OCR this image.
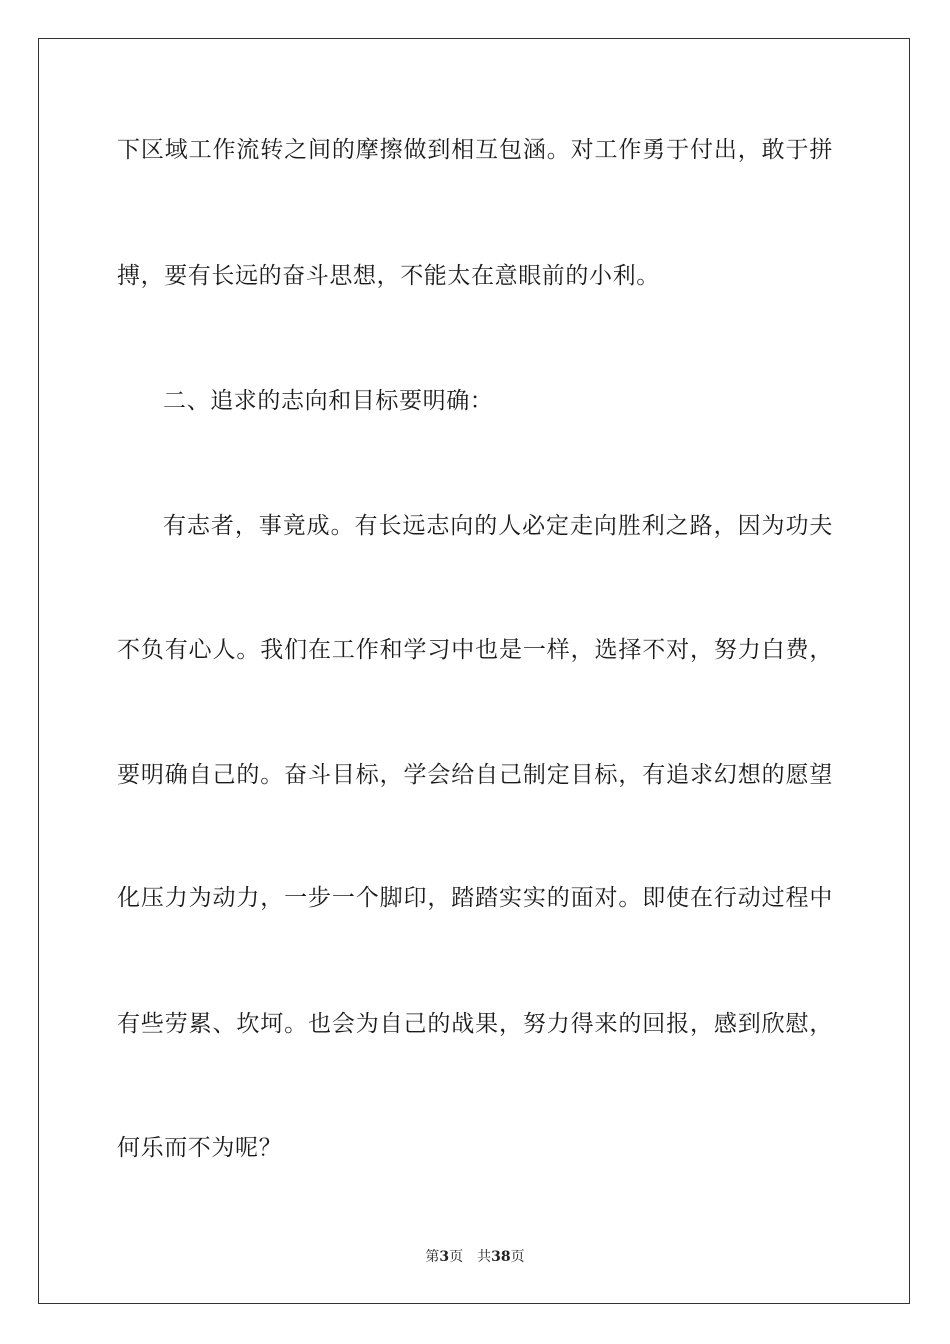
下区域工作流转之间的摩擦做到相互包涵。对工作勇于付出，敢于拼
搏，要有长远的奋斗思想，不能太在意眼前的小利。
二、追求的志向和目标要明确：
有志者，事竟成。有长远志向的人必定走向胜利之路，因为功夫
不负有心人。我们在工作和学习中也是一样，选择不对，努力白费，
要明确自己的。奋斗目标，学会给自己制定目标，有追求幻想的愿望
化压力为动力，一步一个脚印，踏踏实实的面对。即使在行动过程中
有些劳累、坎坷。也会为自己的战果，努力得来的回报，感到欣慰，
何乐而不为呢？
第3页 共38页
